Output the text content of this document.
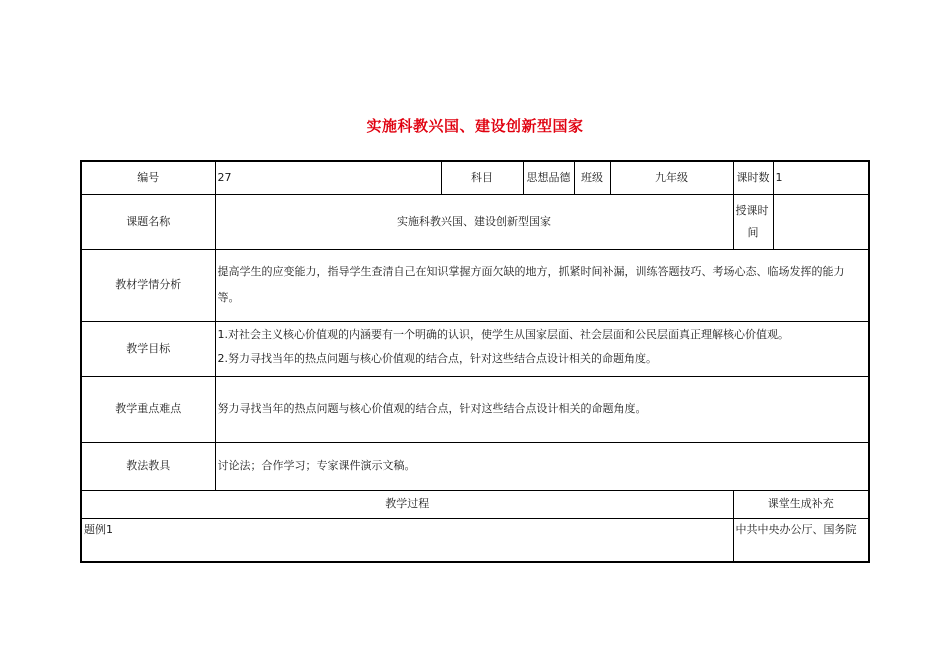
实施科教兴国、建设创新型国家
编号	27	科目	思想品德	班级	九年级	课时数	1
课题名称	实施科教兴国、建设创新型国家					授课时
间	

教材学情分析	提高学生的应变能力，指导学生查清自己在知识掌握方面欠缺的地方，抓紧时间补漏，训练答题技巧、考场心态、临场发挥的能力等。						
教学目标	1.对社会主义核心价值观的内涵要有一个明确的认识，使学生从国家层面、社会层面和公民层面真正理解核心价值观。
2.努力寻找当年的热点问题与核心价值观的结合点，针对这些结合点设计相关的命题角度。						

教学重点难点	努力寻找当年的热点问题与核心价值观的结合点，针对这些结合点设计相关的命题角度。						
教法教具	讨论法；合作学习；专家课件演示文稿。						
教学过程						课堂生成补充	
题例1						中共中央办公厅、国务院	
